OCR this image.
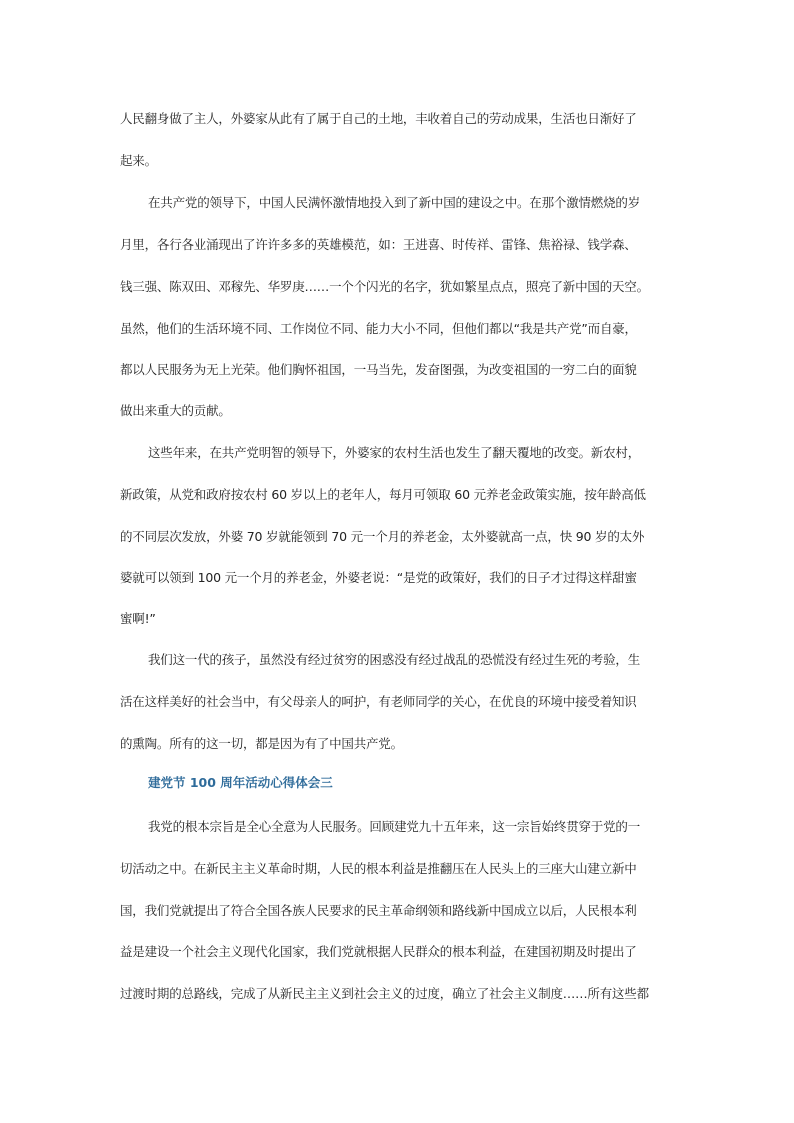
人民翻身做了主人，外婆家从此有了属于自己的土地，丰收着自己的劳动成果，生活也日渐好了
起来。
在共产党的领导下，中国人民满怀激情地投入到了新中国的建设之中。在那个激情燃烧的岁
月里，各行各业涌现出了许许多多的英雄模范，如：王进喜、时传祥、雷锋、焦裕禄、钱学森、
钱三强、陈双田、邓稼先、华罗庚……一个个闪光的名字，犹如繁星点点，照亮了新中国的天空。
虽然，他们的生活环境不同、工作岗位不同、能力大小不同，但他们都以“我是共产党”而自豪，
都以人民服务为无上光荣。他们胸怀祖国，一马当先，发奋图强，为改变祖国的一穷二白的面貌
做出来重大的贡献。
这些年来，在共产党明智的领导下，外婆家的农村生活也发生了翻天覆地的改变。新农村，
新政策，从党和政府按农村 60 岁以上的老年人，每月可领取 60 元养老金政策实施，按年龄高低
的不同层次发放，外婆 70 岁就能领到 70 元一个月的养老金，太外婆就高一点，快 90 岁的太外
婆就可以领到 100 元一个月的养老金，外婆老说：“是党的政策好，我们的日子才过得这样甜蜜
蜜啊!”
我们这一代的孩子，虽然没有经过贫穷的困惑没有经过战乱的恐慌没有经过生死的考验，生
活在这样美好的社会当中，有父母亲人的呵护，有老师同学的关心，在优良的环境中接受着知识
的熏陶。所有的这一切，都是因为有了中国共产党。
建党节 100 周年活动心得体会三
我党的根本宗旨是全心全意为人民服务。回顾建党九十五年来，这一宗旨始终贯穿于党的一
切活动之中。在新民主主义革命时期，人民的根本利益是推翻压在人民头上的三座大山建立新中
国，我们党就提出了符合全国各族人民要求的民主革命纲领和路线新中国成立以后，人民根本利
益是建设一个社会主义现代化国家，我们党就根据人民群众的根本利益，在建国初期及时提出了
过渡时期的总路线，完成了从新民主主义到社会主义的过度，确立了社会主义制度……所有这些都
